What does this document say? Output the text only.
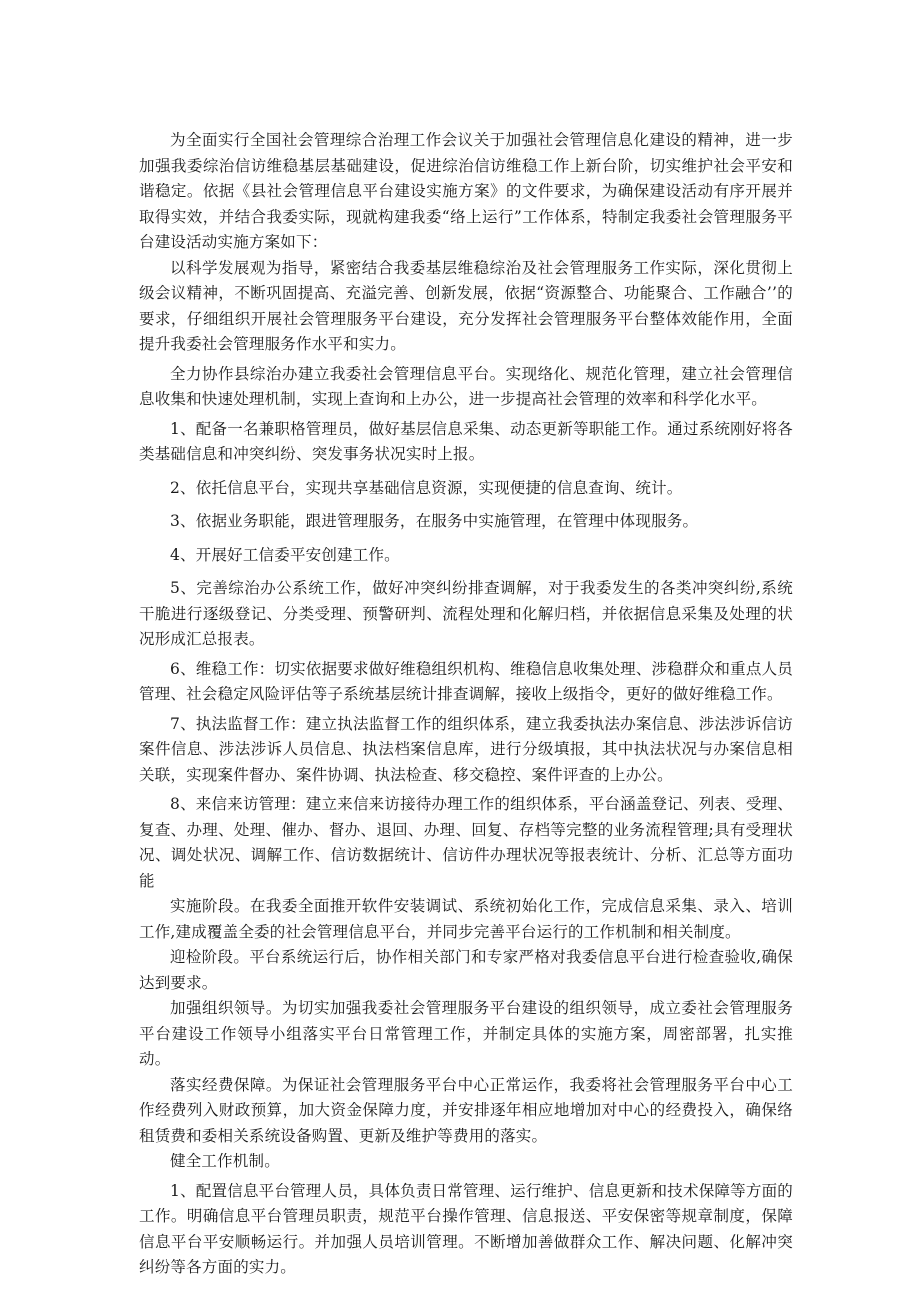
为全面实行全国社会管理综合治理工作会议关于加强社会管理信息化建设的精神，进一步加强我委综治信访维稳基层基础建设，促进综治信访维稳工作上新台阶，切实维护社会平安和谐稳定。依据《县社会管理信息平台建设实施方案》的文件要求，为确保建设活动有序开展并取得实效，并结合我委实际，现就构建我委“络上运行”工作体系，特制定我委社会管理服务平台建设活动实施方案如下：

以科学发展观为指导，紧密结合我委基层维稳综治及社会管理服务工作实际，深化贯彻上级会议精神，不断巩固提高、充溢完善、创新发展，依据“资源整合、功能聚合、工作融合’’的要求，仔细组织开展社会管理服务平台建设，充分发挥社会管理服务平台整体效能作用，全面提升我委社会管理服务作水平和实力。

全力协作县综治办建立我委社会管理信息平台。实现络化、规范化管理，建立社会管理信息收集和快速处理机制，实现上查询和上办公，进一步提高社会管理的效率和科学化水平。

1、配备一名兼职格管理员，做好基层信息采集、动态更新等职能工作。通过系统刚好将各类基础信息和冲突纠纷、突发事务状况实时上报。

2、依托信息平台，实现共享基础信息资源，实现便捷的信息查询、统计。

3、依据业务职能，跟进管理服务，在服务中实施管理，在管理中体现服务。

4、开展好工信委平安创建工作。

5、完善综治办公系统工作，做好冲突纠纷排查调解，对于我委发生的各类冲突纠纷,系统干脆进行逐级登记、分类受理、预警研判、流程处理和化解归档，并依据信息采集及处理的状况形成汇总报表。

6、维稳工作：切实依据要求做好维稳组织机构、维稳信息收集处理、涉稳群众和重点人员管理、社会稳定风险评估等子系统基层统计排查调解，接收上级指令，更好的做好维稳工作。

7、执法监督工作：建立执法监督工作的组织体系，建立我委执法办案信息、涉法涉诉信访案件信息、涉法涉诉人员信息、执法档案信息库，进行分级填报，其中执法状况与办案信息相关联，实现案件督办、案件协调、执法检查、移交稳控、案件评查的上办公。

8、来信来访管理：建立来信来访接待办理工作的组织体系，平台涵盖登记、列表、受理、复查、办理、处理、催办、督办、退回、办理、回复、存档等完整的业务流程管理;具有受理状况、调处状况、调解工作、信访数据统计、信访件办理状况等报表统计、分析、汇总等方面功能

实施阶段。在我委全面推开软件安装调试、系统初始化工作，完成信息采集、录入、培训工作,建成覆盖全委的社会管理信息平台，并同步完善平台运行的工作机制和相关制度。

迎检阶段。平台系统运行后，协作相关部门和专家严格对我委信息平台进行检查验收,确保达到要求。

加强组织领导。为切实加强我委社会管理服务平台建设的组织领导，成立委社会管理服务平台建设工作领导小组落实平台日常管理工作，并制定具体的实施方案，周密部署，扎实推动。

落实经费保障。为保证社会管理服务平台中心正常运作，我委将社会管理服务平台中心工作经费列入财政预算，加大资金保障力度，并安排逐年相应地增加对中心的经费投入，确保络租赁费和委相关系统设备购置、更新及维护等费用的落实。

健全工作机制。

1、配置信息平台管理人员，具体负责日常管理、运行维护、信息更新和技术保障等方面的工作。明确信息平台管理员职责，规范平台操作管理、信息报送、平安保密等规章制度，保障信息平台平安顺畅运行。并加强人员培训管理。不断增加善做群众工作、解决问题、化解冲突纠纷等各方面的实力。
